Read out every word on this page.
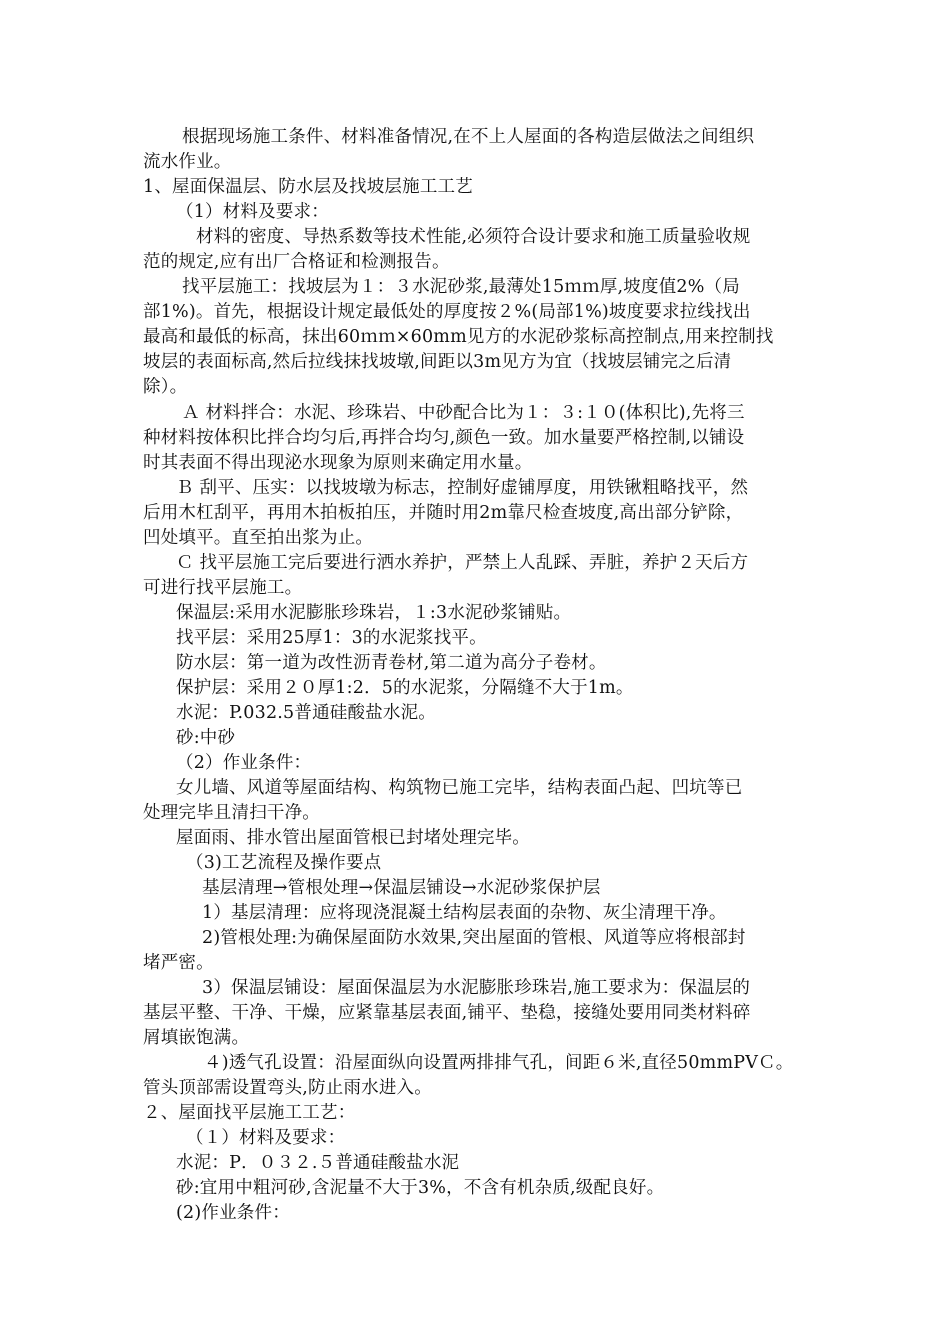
根据现场施工条件、材料准备情况,在不上人屋面的各构造层做法之间组织
流水作业。
1、屋面保温层、防水层及找坡层施工工艺
（1）材料及要求：
材料的密度、导热系数等技术性能,必须符合设计要求和施工质量验收规
范的规定,应有出厂合格证和检测报告。
找平层施工：找坡层为１：３水泥砂浆,最薄处15ｍｍ厚,坡度值2%（局
部1%)。首先，根据设计规定最低处的厚度按２%(局部1%)坡度要求拉线找出
最高和最低的标高，抹出60ｍｍ×60mm见方的水泥砂浆标高控制点,用来控制找
坡层的表面标高,然后拉线抹找坡墩,间距以3m见方为宜（找坡层铺完之后清
除）。
Ａ 材料拌合：水泥、珍珠岩、中砂配合比为１：３:１０(体积比),先将三
种材料按体积比拌合均匀后,再拌合均匀,颜色一致。加水量要严格控制,以铺设
时其表面不得出现泌水现象为原则来确定用水量。
Ｂ 刮平、压实：以找坡墩为标志，控制好虚铺厚度，用铁锹粗略找平，然
后用木杠刮平，再用木拍板拍压，并随时用2m靠尺检查坡度,高出部分铲除，
凹处填平。直至拍出浆为止。
Ｃ 找平层施工完后要进行洒水养护，严禁上人乱踩、弄脏，养护２天后方
可进行找平层施工。
保温层:采用水泥膨胀珍珠岩，１:3水泥砂浆铺贴。
找平层：采用25厚1：3的水泥浆找平。
防水层：第一道为改性沥青卷材,第二道为高分子卷材。
保护层：采用２０厚1:2．5的水泥浆，分隔缝不大于1m。
水泥：P.032.5普通硅酸盐水泥。
砂:中砂
（2）作业条件：
女儿墙、风道等屋面结构、构筑物已施工完毕，结构表面凸起、凹坑等已
处理完毕且清扫干净。
屋面雨、排水管出屋面管根已封堵处理完毕。
（3)工艺流程及操作要点
基层清理→管根处理→保温层铺设→水泥砂浆保护层
1）基层清理：应将现浇混凝土结构层表面的杂物、灰尘清理干净。
2)管根处理:为确保屋面防水效果,突出屋面的管根、风道等应将根部封
堵严密。
3）保温层铺设：屋面保温层为水泥膨胀珍珠岩,施工要求为：保温层的
基层平整、干净、干燥，应紧靠基层表面,铺平、垫稳，接缝处要用同类材料碎
屑填嵌饱满。
４)透气孔设置：沿屋面纵向设置两排排气孔，间距６米,直径50mmPVＣ。
管头顶部需设置弯头,防止雨水进入。
２、屋面找平层施工工艺：
（１）材料及要求：
水泥：P．０３２.５普通硅酸盐水泥
砂:宜用中粗河砂,含泥量不大于3%，不含有机杂质,级配良好。
(2)作业条件：
